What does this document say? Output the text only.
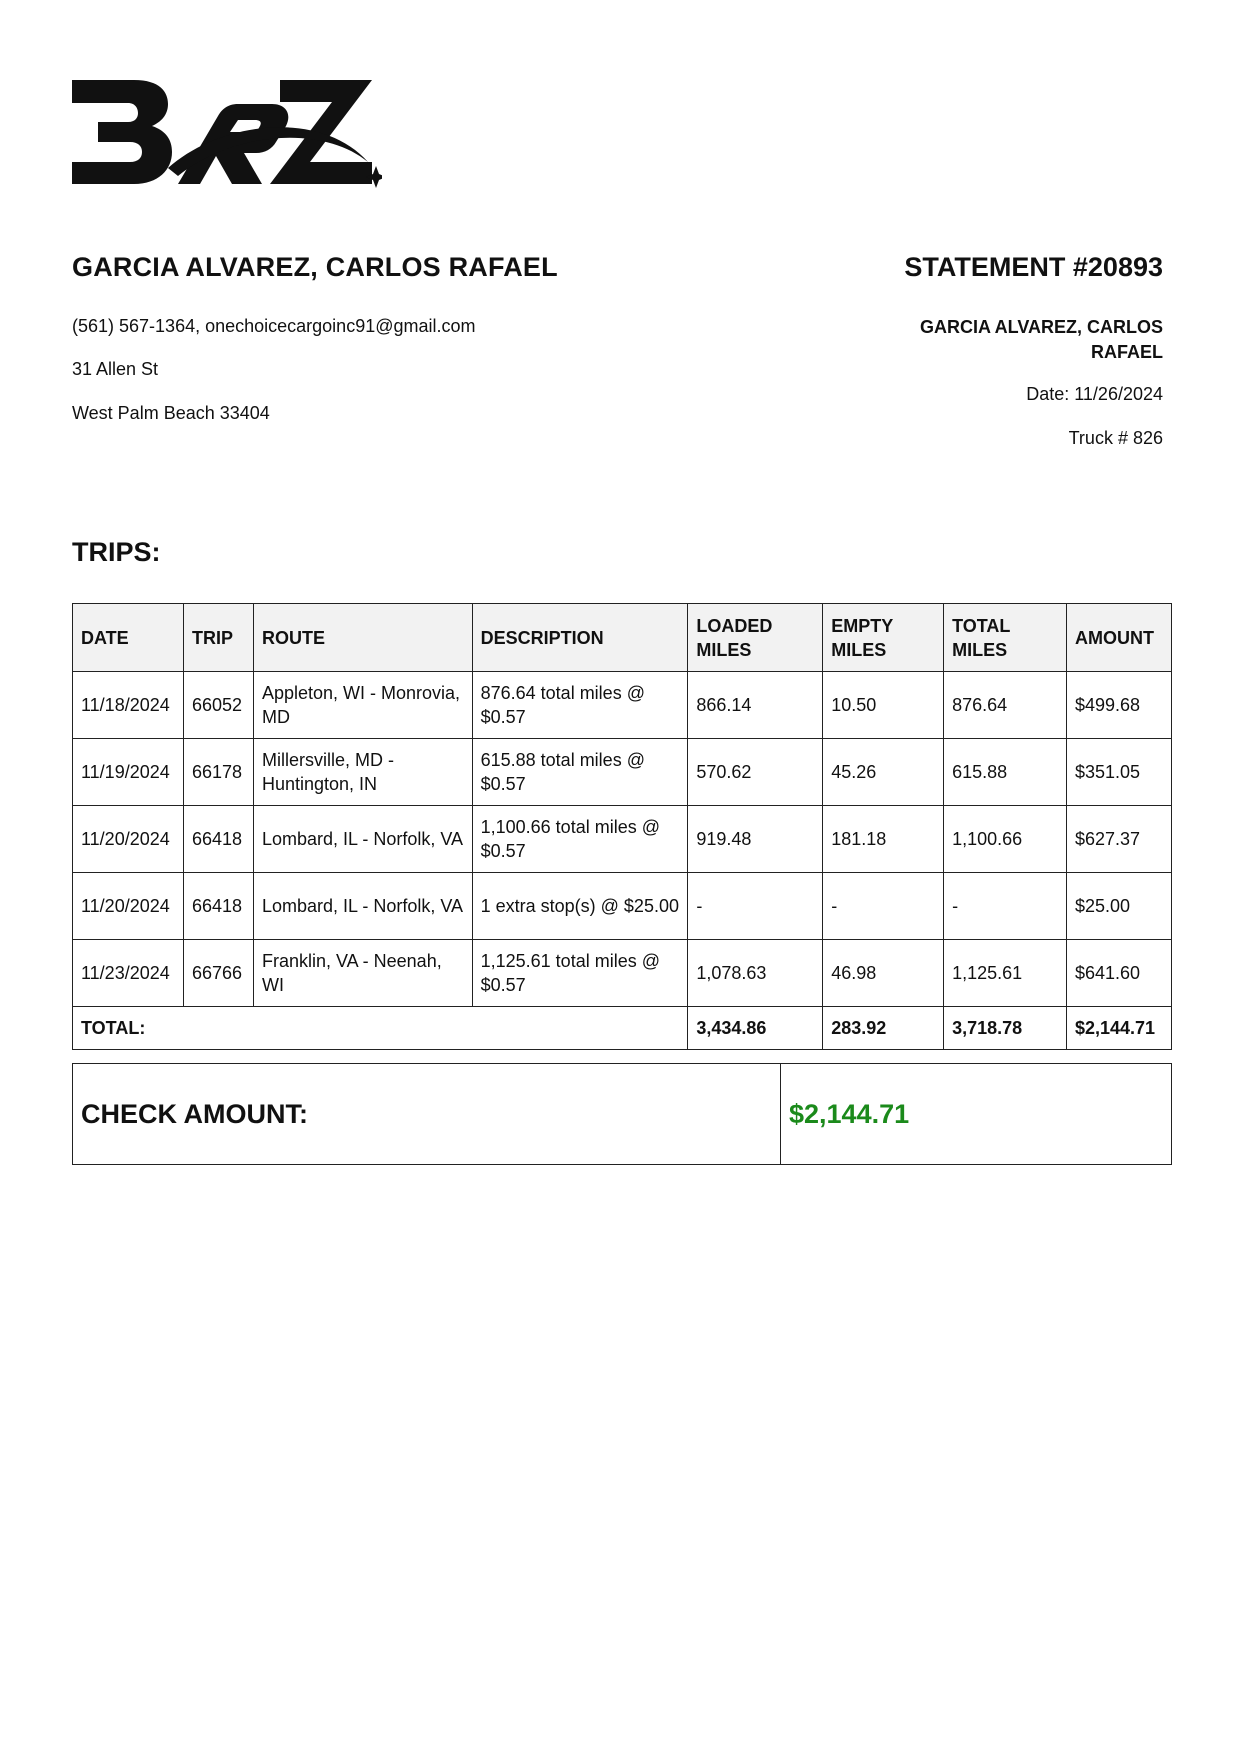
GARCIA ALVAREZ, CARLOS RAFAEL
(561) 567-1364, onechoicecargoinc91@gmail.com
31 Allen St
West Palm Beach 33404
STATEMENT #20893
GARCIA ALVAREZ, CARLOS RAFAEL
Date: 11/26/2024
Truck # 826
TRIPS:
DATE	TRIP	ROUTE	DESCRIPTION	LOADED MILES	EMPTY MILES	TOTAL MILES	AMOUNT
11/18/2024	66052	Appleton, WI - Monrovia, MD	876.64 total miles @ $0.57	866.14	10.50	876.64	$499.68
11/19/2024	66178	Millersville, MD - Huntington, IN	615.88 total miles @ $0.57	570.62	45.26	615.88	$351.05
11/20/2024	66418	Lombard, IL - Norfolk, VA	1,100.66 total miles @ $0.57	919.48	181.18	1,100.66	$627.37
11/20/2024	66418	Lombard, IL - Norfolk, VA	1 extra stop(s) @ $25.00	-	-	-	$25.00
11/23/2024	66766	Franklin, VA - Neenah, WI	1,125.61 total miles @ $0.57	1,078.63	46.98	1,125.61	$641.60
TOTAL:				3,434.86	283.92	3,718.78	$2,144.71
CHECK AMOUNT:	$2,144.71
